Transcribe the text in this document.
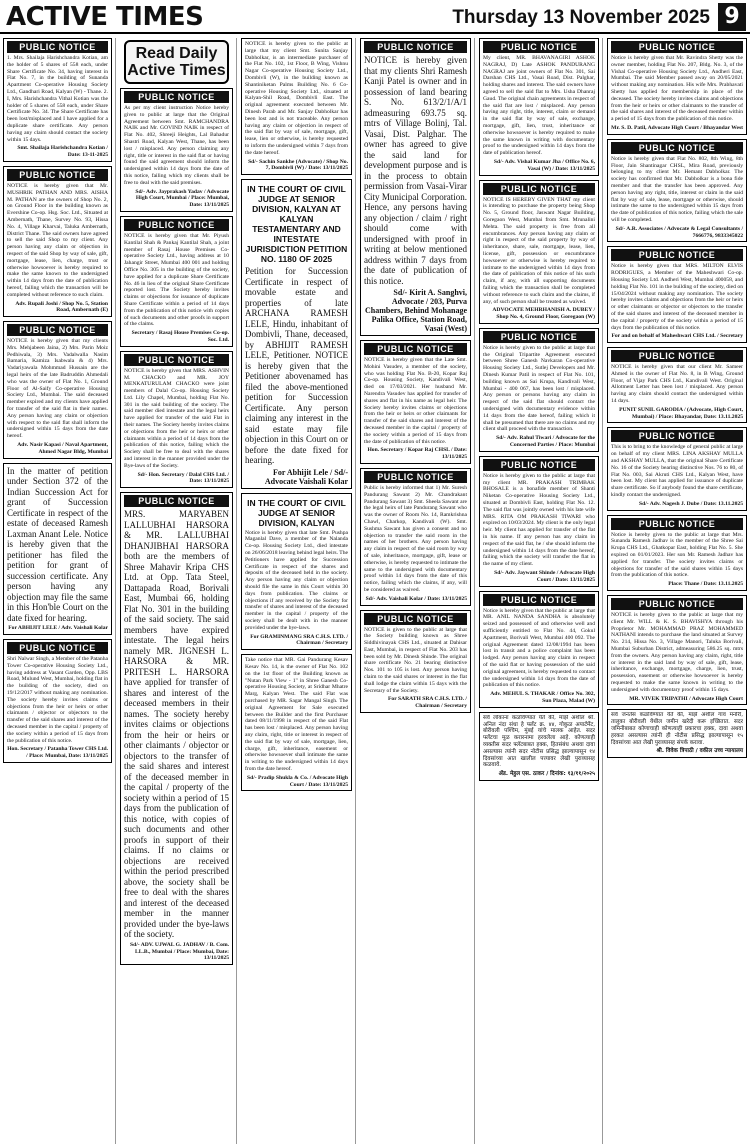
ACTIVE TIMES	Thursday 13 November 2025 9
PUBLIC NOTICE
1. Mrs. Shailaja Harishchandra Kotian, am the holder of 5 shares of 558 each, under Share Certificate No. 34, having interest in Flat No. 7, in the building of Sunanda Apartment Co-operative Housing Society Ltd., Gandhari Road, Kalyan (W) - Thane. 2. I, Mrs. Harishchandra Vithal Kotian was the holder of 5 shares of 558 each, under Share Certificate No. 34. The Share Certificate has been lost/misplaced and I have applied for a duplicate share certificate. Any person having any claim should contact the society within 15 days.
Smt. Shailaja Harishchandra Kotian / Date: 13-11-2025
PUBLIC NOTICE
NOTICE is hereby given that Mr. MUSHRIK PATHAN AND MRS. AISHA M. PATHAN are the owners of Shop No. 2, on Ground Floor in the building known as Evershine Co-op. Hsg. Soc. Ltd., Situated at Ambernath, Thane, Survey No. 93, Hissa No. 4, Village Kharvai, Taluka Ambernath, District Thane. The said owners have agreed to sell the said Shop to my client. Any person having any claim or objection in respect of the said Shop by way of sale, gift, mortgage, lease, lien, charge, trust or otherwise howsoever is hereby required to make the same known to the undersigned within 14 days from the date of publication hereof, failing which the transaction will be completed without reference to such claim.
Adv. Rupali Joshi / Shop No. 5, Station Road, Ambernath (E)
PUBLIC NOTICE
NOTICE is hereby given that my clients Mrs. Mehjabeen Jaina, 2) Mrs. Parin Moiz Pedhiwala, 3) Mrs. Vadalwalla Nasim Bamaria, Kamiza Isabwala & 4) Mrs. Vadariyawala Mohmmad Hussain are the legal heirs of the late Badruddin Ahmedali who was the owner of Flat No. 1, Ground Floor of Al-Saify Co-operative Housing Society Ltd., Mumbai. The said deceased member expired and my clients have applied for transfer of the said flat in their names. Any person having any claim or objection with respect to the said flat shall inform the undersigned within 15 days from the date hereof.
Adv. Nasir Kapasi / Naval Apartment, Ahmed Nagar Bldg, Mumbai
In the matter of petition under Section 372 of the Indian Succession Act for grant of Succession Certificate in respect of the estate of deceased Ramesh Laxman Anant Lele. Notice is hereby given that the petitioner has filed the petition for grant of succession certificate. Any person having any objection may file the same in this Hon'ble Court on the date fixed for hearing.
For ABHIJIT LELE / Adv. Vaishali Kolar
PUBLIC NOTICE
Shri Nalwar Singh, a Member of the Patanha Tower Co-operative Housing Society Ltd., having address at Vasant Garden, Opp. LBS Road, Mulund West, Mumbai, holding flat in the building of the society, died on 19/12/2017 without making any nomination. The society hereby invites claims or objections from the heir or heirs or other claimants / objector or objectors to the transfer of the said shares and interest of the deceased member in the capital / property of the society within a period of 15 days from the publication of this notice.
Hon. Secretary / Patanha Tower CHS Ltd. / Place: Mumbai, Date: 13/11/2025
Read Daily Active Times
PUBLIC NOTICE
As per my client instruction Notice hereby given to public at large that the Original Agreement between Smt. RAMCHANDRA NAIK and Mr. GOVIND NAIK in respect of Flat No. 402, Shreeji Heights, Lal Bahadur Shastri Road, Kalyan West, Thane, has been lost / misplaced. Any person claiming any right, title or interest in the said flat or having found the said agreement should inform the undersigned within 14 days from the date of this notice, failing which my clients shall be free to deal with the said premises.
Sd/- Adv. Jayprakash Yadav / Advocate High Court, Mumbai / Place: Mumbai, Date: 13/11/2025
PUBLIC NOTICE
NOTICE is hereby given that Mr. Piyush Kantilal Shah & Pankaj Kantilal Shah, a joint member of Rasaj House Premises Co-operative Society Ltd., having address at 10 Jahangir Street, Mumbai 400 001 and holding Office No. 305 in the building of the society, have applied for a duplicate Share Certificate No. 46 in lieu of the original Share Certificate reported lost. The Society hereby invites claims or objections for issuance of duplicate Share Certificate within a period of 14 days from the publication of this notice with copies of such documents and other proofs in support of the claims.
Secretary / Rasaj House Premises Co-op. Soc. Ltd.
PUBLIC NOTICE
NOTICE is hereby given that MRS. ASHVIN M. CHACKO and MR. JOY MENKATURULAM CHACKO were joint members of Dalal Co-op. Housing Society Ltd. Lily Chapel, Mumbai, holding Flat No. 301 in the said building of the society. The said member died intestate and the legal heirs have applied for transfer of the said Flat in their names. The Society hereby invites claims or objections from the heir or heirs or other claimants within a period of 14 days from the publication of this notice, failing which the Society shall be free to deal with the shares and interest in the manner provided under the Bye-laws of the Society.
Sd/- Hon. Secretary / Dalal CHS Ltd. / Date: 13/11/2025
PUBLIC NOTICE
MRS. MARYABEN LALLUBHAI HARSORA & MR. LALLUBHAI DHANJIBHAI HARSORA both are the members of Shree Mahavir Kripa CHS Ltd. at Opp. Tata Steel, Dattapada Road, Borivali East, Mumbai 66, holding Flat No. 301 in the building of the said society. The said members have expired intestate. The legal heirs namely MR. JIGNESH L. HARSORA & MR. PRITESH L. HARSORA have applied for transfer of shares and interest of the deceased members in their names. The society hereby invites claims or objections from the heir or heirs or other claimants / objector or objectors to the transfer of the said shares and interest of the deceased member in the capital / property of the society within a period of 15 days from the publication of this notice, with copies of such documents and other proofs in support of their claims. If no claims or objections are received within the period prescribed above, the society shall be free to deal with the shares and interest of the deceased member in the manner provided under the bye-laws of the society.
Sd/- ADV. UJWAL G. JADHAV / B. Com. LL.B., Mumbai / Place: Mumbai, Date: 13/11/2025
NOTICE is hereby given to the public at large that my client Smt. Sunita Sanjay Dabholkar, is an intermediate purchaser of the Flat No. 102, 1st Floor, B Wing, Vishnu Nagar Co-operative Housing Society Ltd., Dombivli (W), in the building known as Shantiniketan Palms Building No. 6 Co-operative Housing Society Ltd., situated at Kalyan-Shil Road, Dombivli East. The original agreement executed between Mr. Dinesh Parab and Mr. Sanjay Dabholkar has been lost and is not traceable. Any person having any claim or objection in respect of the said flat by way of sale, mortgage, gift, lease, lien or otherwise, is hereby requested to inform the undersigned within 7 days from the date hereof.
Sd/- Sachin Sankhe (Advocate) / Shop No. 7, Dombivli (W) / Date: 13/11/2025
IN THE COURT OF CIVIL JUDGE AT SENIOR DIVISION, KALYAN AT KALYAN TESTAMENTARY AND INTESTATE JURISDICTION PETITION NO. 1180 OF 2025
Petition for Succession Certificate in respect of movable estate and properties of late ARCHANA RAMESH LELE, Hindu, inhabitant of Dombivli, Thane, deceased, by ABHIJIT RAMESH LELE, Petitioner. NOTICE is hereby given that the Petitioner abovenamed has filed the above-mentioned petition for Succession Certificate. Any person claiming any interest in the said estate may file objection in this Court on or before the date fixed for hearing.
For Abhijit Lele / Sd/- Advocate Vaishali Kolar
IN THE COURT OF CIVIL JUDGE AT SENIOR DIVISION, KALYAN
Notice is hereby given that late Smt. Pushpa Maganlal Dave, a member of the Nalanda Co-op. Housing Society Ltd., died intestate on 26/06/2018 leaving behind legal heirs. The Petitioners have applied for Succession Certificate in respect of the shares and deposits of the deceased held in the society. Any person having any claim or objection should file the same in this Court within 30 days from publication. The claims or objections if any received by the Society for transfer of shares and interest of the deceased member in the capital / property of the society shall be dealt with in the manner provided under the bye-laws.
For GRAMINMANG SRA C.H.S. LTD. / Chairman / Secretary
Take notice that MR. Gai Pandurang Kesav Kesav No. 14, is the owner of Flat No. 102 on the 1st floor of the Building known as "Nutan Park View - 1" in Shree Ganesh Co-operative Housing Society, at Sridhar Mhatre Marg, Kalyan West. The said Flat was purchased by MR. Sagar Mangal Singh. The original Agreement for Sale executed between the Builder and the first Purchaser dated 08/11/1998 in respect of the said Flat has been lost / misplaced. Any person having any claim, right, title or interest in respect of the said flat by way of sale, mortgage, lien, charge, gift, inheritance, easement or otherwise howsoever shall intimate the same in writing to the undersigned within 14 days from the date hereof.
Sd/- Pradip Shukla & Co. / Advocate High Court / Date: 13/11/2025
PUBLIC NOTICE
NOTICE is hereby given that my clients Shri Ramesh Kanji Patel is owner and in possession of land bearing S. No. 613/2/1/A/1 admeasuring 693.75 sq. mtrs of Village Bolinj, Tal. Vasai, Dist. Palghar. The owner has agreed to give the said land for development purpose and is in the process to obtain permission from Vasai-Virar City Municipal Corporation. Hence, any persons having any objection / claim / right should come with undersigned with proof in writing at below mentioned address within 7 days from the date of publication of this notice.
Sd/- Kirit A. Sanghvi, Advocate / 203, Purva Chambers, Behind Mohanage Palika Office, Station Road, Vasai (West)
PUBLIC NOTICE
NOTICE is hereby given that the Late Smt. Mohini Vasudev, a member of the society, who was holding Flat No. B-20, Kopar Raj Co-op. Housing Society, Kandivali West, died on 17/03/2021. Her husband Mr. Narendra Vasudev has applied for transfer of shares and flat in his name as legal heir. The Society hereby invites claims or objections from the heir or heirs or other claimants for transfer of the said shares and interest of the deceased member in the capital / property of the society within a period of 15 days from the date of publication of this notice.
Hon. Secretary / Kopar Raj CHSL / Date: 13/11/2025
PUBLIC NOTICE
Public is hereby informed that 1) Mr. Suresh Pandurang Sawant 2) Mr. Chandrakant Pandurang Sawant 3) Smt. Sheela Sawant are the legal heirs of late Pandurang Sawant who was the owner of Room No. 14, Ramkrishna Chawl, Charkop, Kandivali (W). Smt. Sushma Sawant has given a consent and no objection to transfer the said room in the names of her brothers. Any person having any claim in respect of the said room by way of sale, inheritance, mortgage, gift, lease or otherwise, is hereby requested to intimate the same to the undersigned with documentary proof within 14 days from the date of this notice, failing which the claims, if any, will be considered as waived.
Sd/- Adv. Vaishali Kolar / Date: 13/11/2025
PUBLIC NOTICE
NOTICE is given to the public at large that the Society building known as Shree Siddhivinayak CHS Ltd., situated at Dahisar East, Mumbai, in respect of Flat No. 203 has been sold by Mr. Dinesh Shinde. The original share certificate No. 21 bearing distinctive Nos. 101 to 105 is lost. Any person having claim to the said shares or interest in the flat shall lodge the claim within 15 days with the Secretary of the Society.
For SARATH SRA C.H.S. LTD. / Chairman / Secretary
PUBLIC NOTICE
My client, MR. BHAVANAGIRI ASHOK NAGRAJ, D) Late ASHOK PANDURANG NAGRAJ are joint owners of Flat No. 301, Sai Darshan CHS Ltd., Vasai Road, Dist. Palghar, holding shares and interest. The said owners have agreed to sell the said flat to Mrs. Usha Dhanraj Gaud. The original chain agreements in respect of the said flat are lost / misplaced. Any person having any right, title, interest, claim or demand in the said flat by way of sale, exchange, mortgage, gift, lien, trust, inheritance or otherwise howsoever is hereby required to make the same known in writing with documentary proof to the undersigned within 14 days from the date of publication hereof.
Sd/- Adv. Vishal Kumar Jha / Office No. 6, Vasai (W) / Date: 13/11/2025
PUBLIC NOTICE
NOTICE IS HEREBY GIVEN THAT my client is intending to purchase the property being Shop No. 5, Ground floor, Jaswant Nagar Building, Goregaon West, Mumbai from Smt. Mrunalini Mehta. The said property is free from all encumbrances. Any person having any claim or right in respect of the said property by way of inheritance, share, sale, mortgage, lease, lien, license, gift, possession or encumbrance howsoever or otherwise is hereby required to intimate to the undersigned within 14 days from the date of publication of this notice of his such claim, if any, with all supporting documents failing which the transaction shall be completed without reference to such claim and the claims, if any, of such person shall be treated as waived.
ADVOCATE MEHRHANISH A. DUBEY / Shop No. 4, Ground Floor, Goregaon (W)
PUBLIC NOTICE
Notice is hereby given to the public at large that the Original Tripartite Agreement executed between Shree Ganesh Navkaran Co-operative Housing Society Ltd., Sutlej Developers and Mr. Dinesh Kumar Patil in respect of Flat No. 101, building known as Sai Krupa, Kandivali West, Mumbai - 400 067, has been lost / misplaced. Any person or persons having any claim in respect of the said flat should contact the undersigned with documentary evidence within 14 days from the date hereof, failing which it shall be presumed that there are no claims and my client shall proceed with the transaction.
Sd/- Adv. Rahul Tiwari / Advocate for the Concerned Parties / Place: Mumbai
PUBLIC NOTICE
Notice is hereby given to the public at large that my client MR. PRAKASH TRIMBAK BHOSALE is a bonafide member of Shanti Niketan Co-operative Housing Society Ltd., situated at Dombivli East, holding Flat No. 12. The said flat was jointly owned with his late wife MRS. RITA OM PRAKASH TIWARI who expired on 10/03/2024. My client is the only legal heir. My client has applied for transfer of the flat in his name. If any person has any claim in respect of the said flat, he / she should inform the undersigned within 14 days from the date hereof, failing which the society will transfer the flat in the name of my client.
Sd/- Adv. Jaywant Shinde / Advocate High Court / Date: 13/11/2025
PUBLIC NOTICE
Notice is hereby given that the public at large that MR. ANIL NANDA SANDHA is absolutely seized and possessed of and otherwise well and sufficiently entitled to Flat No. 44, Gokul Apartment, Borivali West, Mumbai 400 092. The original Agreement dated 12/08/1994 has been lost in transit and a police complaint has been lodged. Any person having any claim in respect of the said flat or having possession of the said original agreement, is hereby requested to contact the undersigned within 14 days from the date of publication of this notice.
Adv. MEHUL S. THAKAR / Office No. 302, Sun Plaza, Malad (W)
सर्व लोकांना कळविण्यात येते की, माझे अशील श्री. अनिल नंदा संधा हे फ्लॅट क्र. ४४, गोकुळ अपार्टमेंट, बोरीवली पश्चिम, मुंबई यांचे मालक आहेत. सदर फ्लॅटचा मूळ करारनामा हरवलेला आहे. कोणत्याही व्यक्तीस सदर फ्लॅटबाबत हक्क, हितसंबंध अथवा दावा असल्यास त्यांनी सदर नोटीस प्रसिद्ध झाल्यापासून १४ दिवसांच्या आत खालील पत्त्यावर लेखी पुराव्यासह कळवावे.
ॲड. मेहुल एस. ठाकर / दिनांक: १३/११/२०२५
PUBLIC NOTICE
Notice is hereby given that Mr. Ravindra Shetty was the owner member, holding Flat No. 207, Bldg. No. 3, of the Vishal Co-operative Housing Society Ltd., Andheri East, Mumbai. The said Member passed away on 20/05/2021 without making any nomination. His wife Mrs. Prabhavati Shetty has applied for membership in place of the deceased. The society hereby invites claims and objections from the heir or heirs or other claimants to the transfer of the said shares and interest of the deceased member within a period of 15 days from the publication of this notice.
Mr. S. D. Patil, Advocate High Court / Bhayandar West
PUBLIC NOTICE
Notice is hereby given that Flat No. 802, 8th Wing, 8th Floor, Jain Shantinagar CHSL, Mira Road, previously belonging to my client Mr. Hemant Dabholkar. The society has confirmed that Mr. Dabholkar is a bona fide member and that the transfer has been approved. Any person having any right, title, interest or claim in the said flat by way of sale, lease, mortgage or otherwise, should intimate the same to the undersigned within 15 days from the date of publication of this notice, failing which the sale will be completed.
Sd/- A.R. Associates / Advocate & Legal Consultants / 7666776, 9833345022
PUBLIC NOTICE
Notice is hereby given that MRS. MILTON ELVIS RODRIGUES, a Member of the Maheshwari Co-op. Housing Society Ltd. Andheri West, Mumbai 400058, and holding Flat No. 101 in the building of the society, died on 15/04/2024 without making any nomination. The society hereby invites claims and objections from the heir or heirs or other claimants or objector or objectors to the transfer of the said shares and interest of the deceased member in the capital / property of the society within a period of 15 days from the publication of this notice.
For and on behalf of Maheshwari CHS Ltd. / Secretary
PUBLIC NOTICE
NOTICE is hereby given that our client Mr. Sameer Ahmed is the owner of Flat No. 8, in B Wing, Ground Floor, of Vijay Park CHS Ltd., Kandivali West. Original Allotment Letter has been lost / misplaced. Any person having any claim should contact the undersigned within 14 days.
PUNIT SUNIL GARODIA / (Advocate, High Court, Mumbai) / Place: Bhayandar, Date: 13.11.2025
PUBLIC NOTICE
This is to bring to the knowledge of general public at large on behalf of my client MRS. LINA AKSHAY MULLA and AKSHAY MULLA, that the original Share Certificate No. 16 of the Society bearing distinctive Nos. 76 to 80, of Flat No. 003, Sai Akruti CHS Ltd., Kalyan West, have been lost. My client has applied for issuance of duplicate share certificate. So if anybody found the share certificate, kindly contact the undersigned.
Sd/- Adv. Nagesh J. Dube / Date: 13.11.2025
PUBLIC NOTICE
Notice is hereby given to the public at large that Mrs. Sunanda Ramesh Jadhav is the member of the Shree Sai Krupa CHS Ltd., Ghatkopar East, holding Flat No. 5. She expired on 01/01/2023. Her son Mr. Ramesh Jadhav has applied for transfer. The society invites claims or objections for transfer of the said shares within 15 days from the publication of this notice.
Place: Thane / Date: 13.11.2025
PUBLIC NOTICE
NOTICE is hereby given to the public at large that my client Mr. WILL & K. S. BHAVISHYA through his Proprietor Mr. MOHAMMAD PRAZ MOHAMMED NATHANI intends to purchase the land situated at Survey No. 214, Hissa No. 3, Village Manori, Taluka Borivali, Mumbai Suburban District, admeasuring 586.25 sq. mtrs from the owners. Any person having any claim, right, title or interest in the said land by way of sale, gift, lease, inheritance, exchange, mortgage, charge, lien, trust, possession, easement or otherwise howsoever is hereby requested to make the same known in writing to the undersigned with documentary proof within 15 days.
MR. VIVEK TRIPATHI / Advocate High Court
सर्व जनतेस कळविण्यात येते की, माझे अशील गाव मनोरी, तालुका बोरीवली येथील जमीन खरेदी करू इच्छितात. सदर जमिनीबाबत कोणाचाही कोणत्याही प्रकारचा हक्क, दावा अथवा हरकत असल्यास त्यांनी ही नोटीस प्रसिद्ध झाल्यापासून १५ दिवसांच्या आत लेखी पुराव्यासह संपर्क करावा.
श्री. विवेक त्रिपाठी / वकील उच्च न्यायालय
